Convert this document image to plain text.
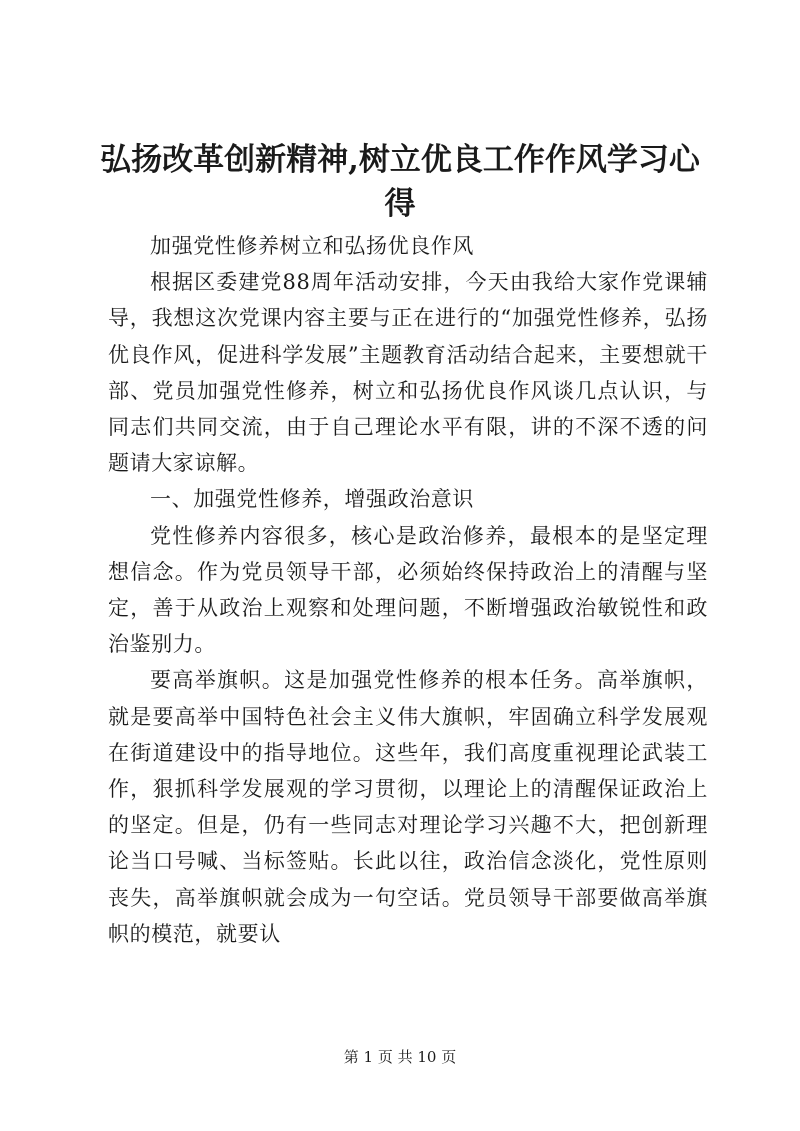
弘扬改革创新精神,树立优良工作作风学习心得

加强党性修养树立和弘扬优良作风

根据区委建党88周年活动安排，今天由我给大家作党课辅导，我想这次党课内容主要与正在进行的“加强党性修养，弘扬优良作风，促进科学发展”主题教育活动结合起来，主要想就干部、党员加强党性修养，树立和弘扬优良作风谈几点认识，与同志们共同交流，由于自己理论水平有限，讲的不深不透的问题请大家谅解。

一、加强党性修养，增强政治意识

党性修养内容很多，核心是政治修养，最根本的是坚定理想信念。作为党员领导干部，必须始终保持政治上的清醒与坚定，善于从政治上观察和处理问题，不断增强政治敏锐性和政治鉴别力。

要高举旗帜。这是加强党性修养的根本任务。高举旗帜，就是要高举中国特色社会主义伟大旗帜，牢固确立科学发展观在街道建设中的指导地位。这些年，我们高度重视理论武装工作，狠抓科学发展观的学习贯彻，以理论上的清醒保证政治上的坚定。但是，仍有一些同志对理论学习兴趣不大，把创新理论当口号喊、当标签贴。长此以往，政治信念淡化，党性原则丧失，高举旗帜就会成为一句空话。党员领导干部要做高举旗帜的模范，就要认

第 1 页 共 10 页
